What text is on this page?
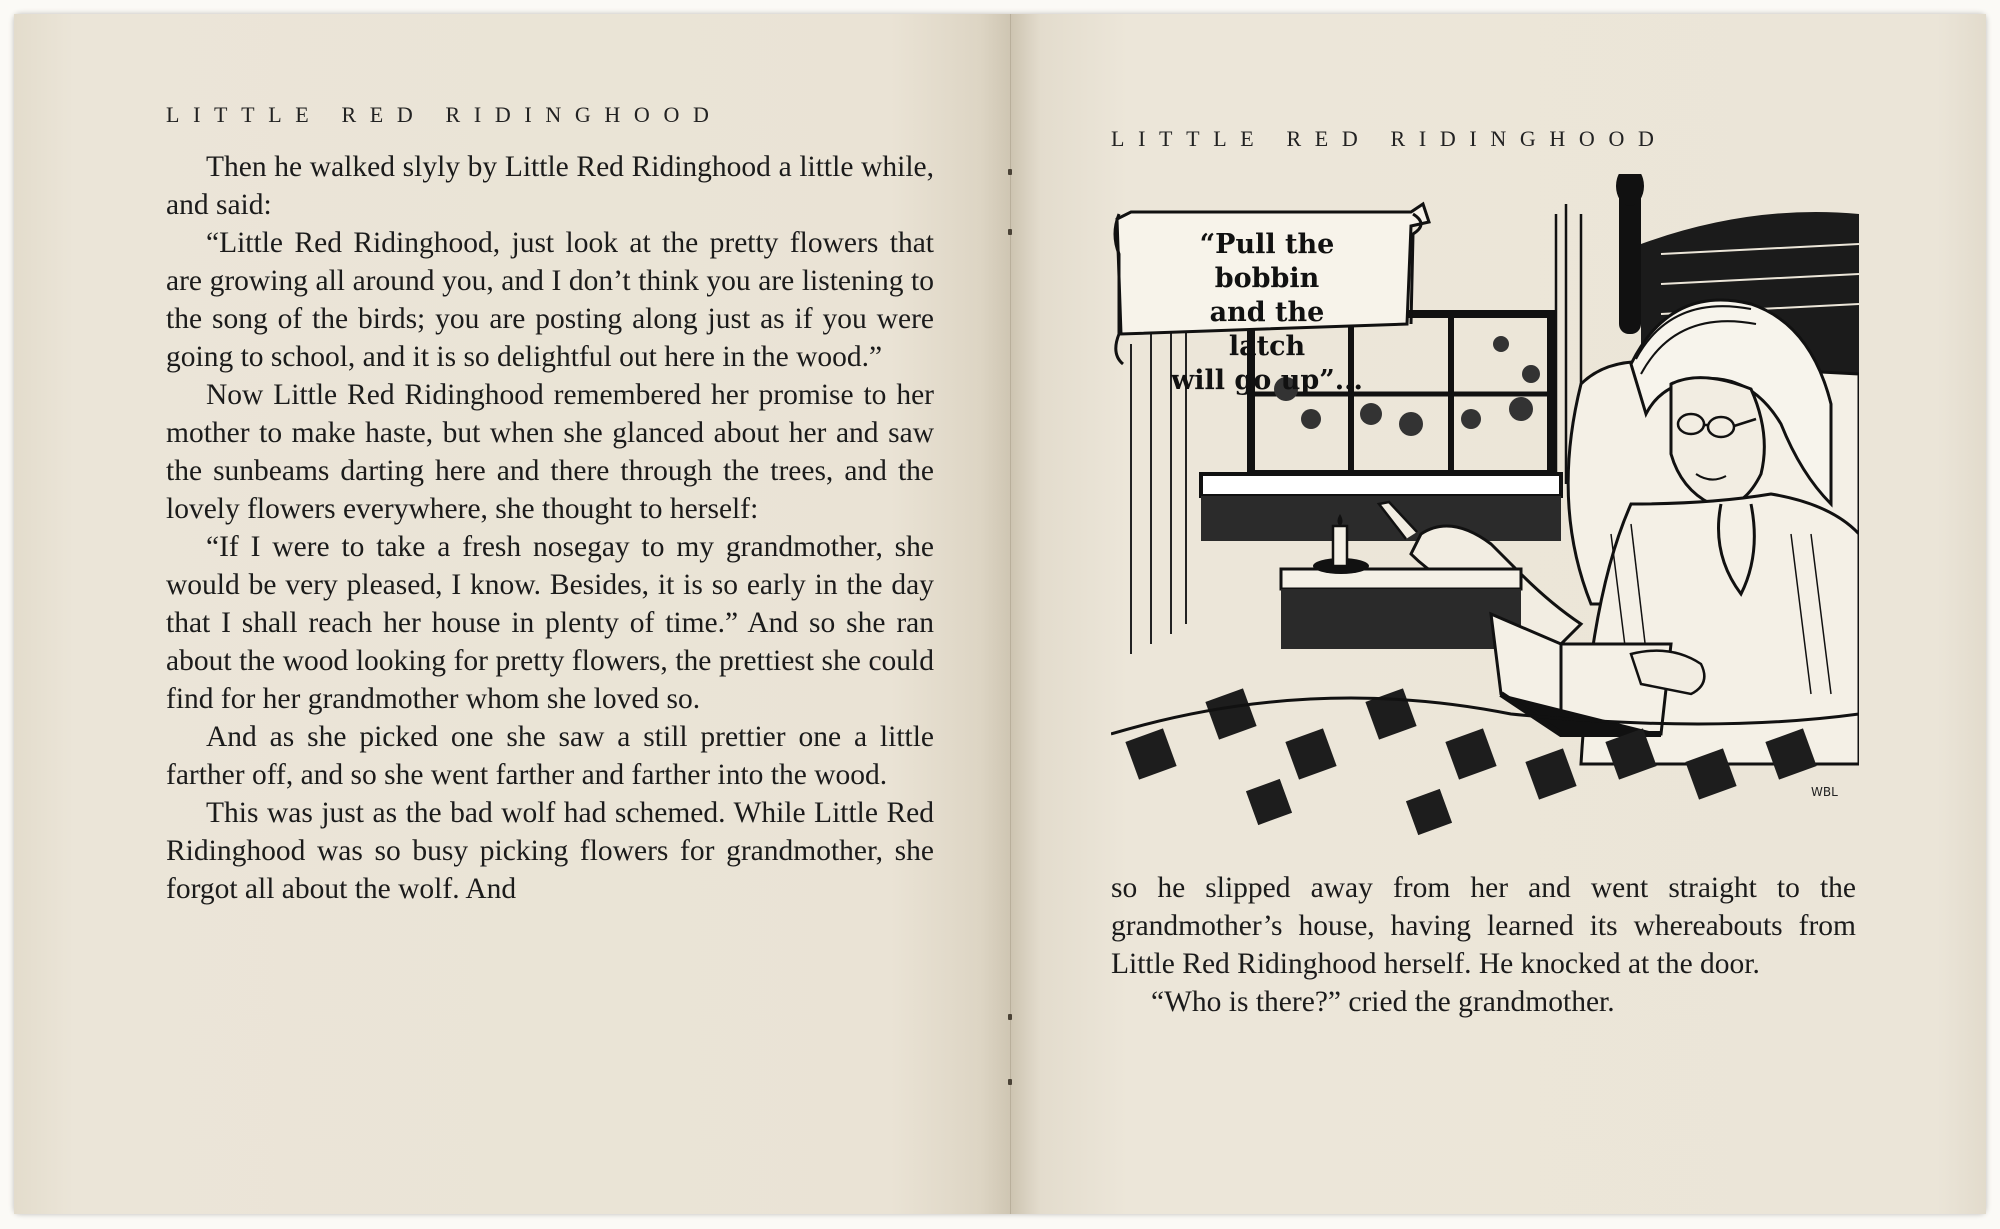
LITTLE RED RIDINGHOOD

Then he walked slyly by Little Red Ridinghood a little while, and said:

“Little Red Ridinghood, just look at the pretty flowers that are growing all around you, and I don’t think you are listening to the song of the birds; you are posting along just as if you were going to school, and it is so delightful out here in the wood.”

Now Little Red Ridinghood remembered her promise to her mother to make haste, but when she glanced about her and saw the sunbeams darting here and there through the trees, and the lovely flowers everywhere, she thought to herself:

“If I were to take a fresh nosegay to my grandmother, she would be very pleased, I know. Besides, it is so early in the day that I shall reach her house in plenty of time.” And so she ran about the wood looking for pretty flowers, the prettiest she could find for her grandmother whom she loved so.

And as she picked one she saw a still prettier one a little farther off, and so she went farther and farther into the wood.

This was just as the bad wolf had schemed. While Little Red Ridinghood was so busy picking flowers for grandmother, she forgot all about the wolf. And

LITTLE RED RIDINGHOOD
WBL
“Pull the bobbin
and the latch
will go up”...

so he slipped away from her and went straight to the grandmother’s house, having learned its whereabouts from Little Red Ridinghood herself. He knocked at the door.

“Who is there?” cried the grandmother.
